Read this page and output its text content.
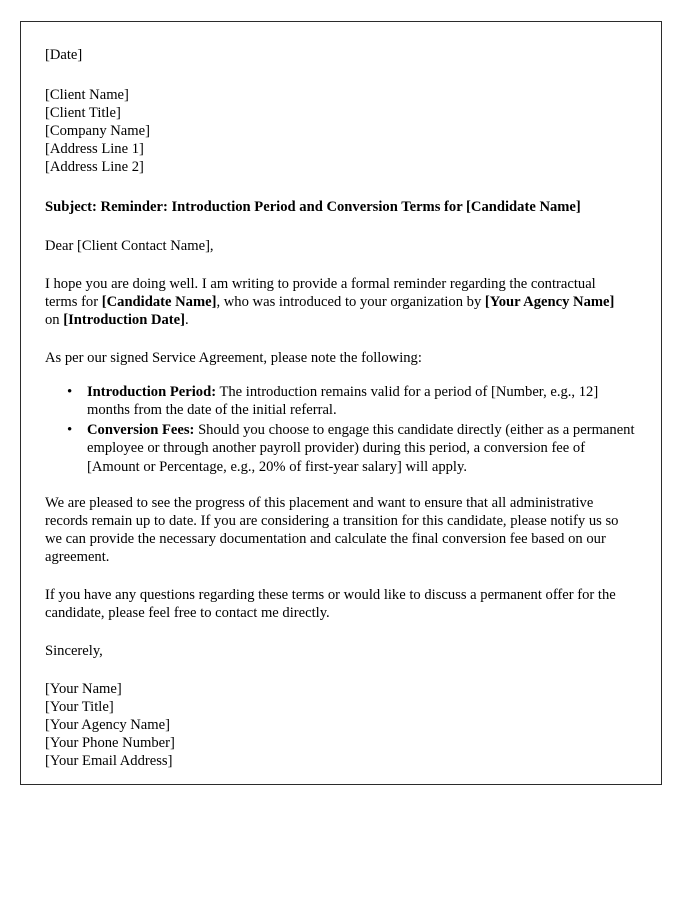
[Date]
[Client Name]
[Client Title]
[Company Name]
[Address Line 1]
[Address Line 2]
Subject: Reminder: Introduction Period and Conversion Terms for [Candidate Name]
Dear [Client Contact Name],

I hope you are doing well. I am writing to provide a formal reminder regarding the contractual terms for [Candidate Name], who was introduced to your organization by [Your Agency Name] on [Introduction Date].

As per our signed Service Agreement, please note the following:

• Introduction Period: The introduction remains valid for a period of [Number, e.g., 12] months from the date of the initial referral.
• Conversion Fees: Should you choose to engage this candidate directly (either as a permanent employee or through another payroll provider) during this period, a conversion fee of [Amount or Percentage, e.g., 20% of first-year salary] will apply.

We are pleased to see the progress of this placement and want to ensure that all administrative records remain up to date. If you are considering a transition for this candidate, please notify us so we can provide the necessary documentation and calculate the final conversion fee based on our agreement.

If you have any questions regarding these terms or would like to discuss a permanent offer for the candidate, please feel free to contact me directly.

Sincerely,
[Your Name]
[Your Title]
[Your Agency Name]
[Your Phone Number]
[Your Email Address]
